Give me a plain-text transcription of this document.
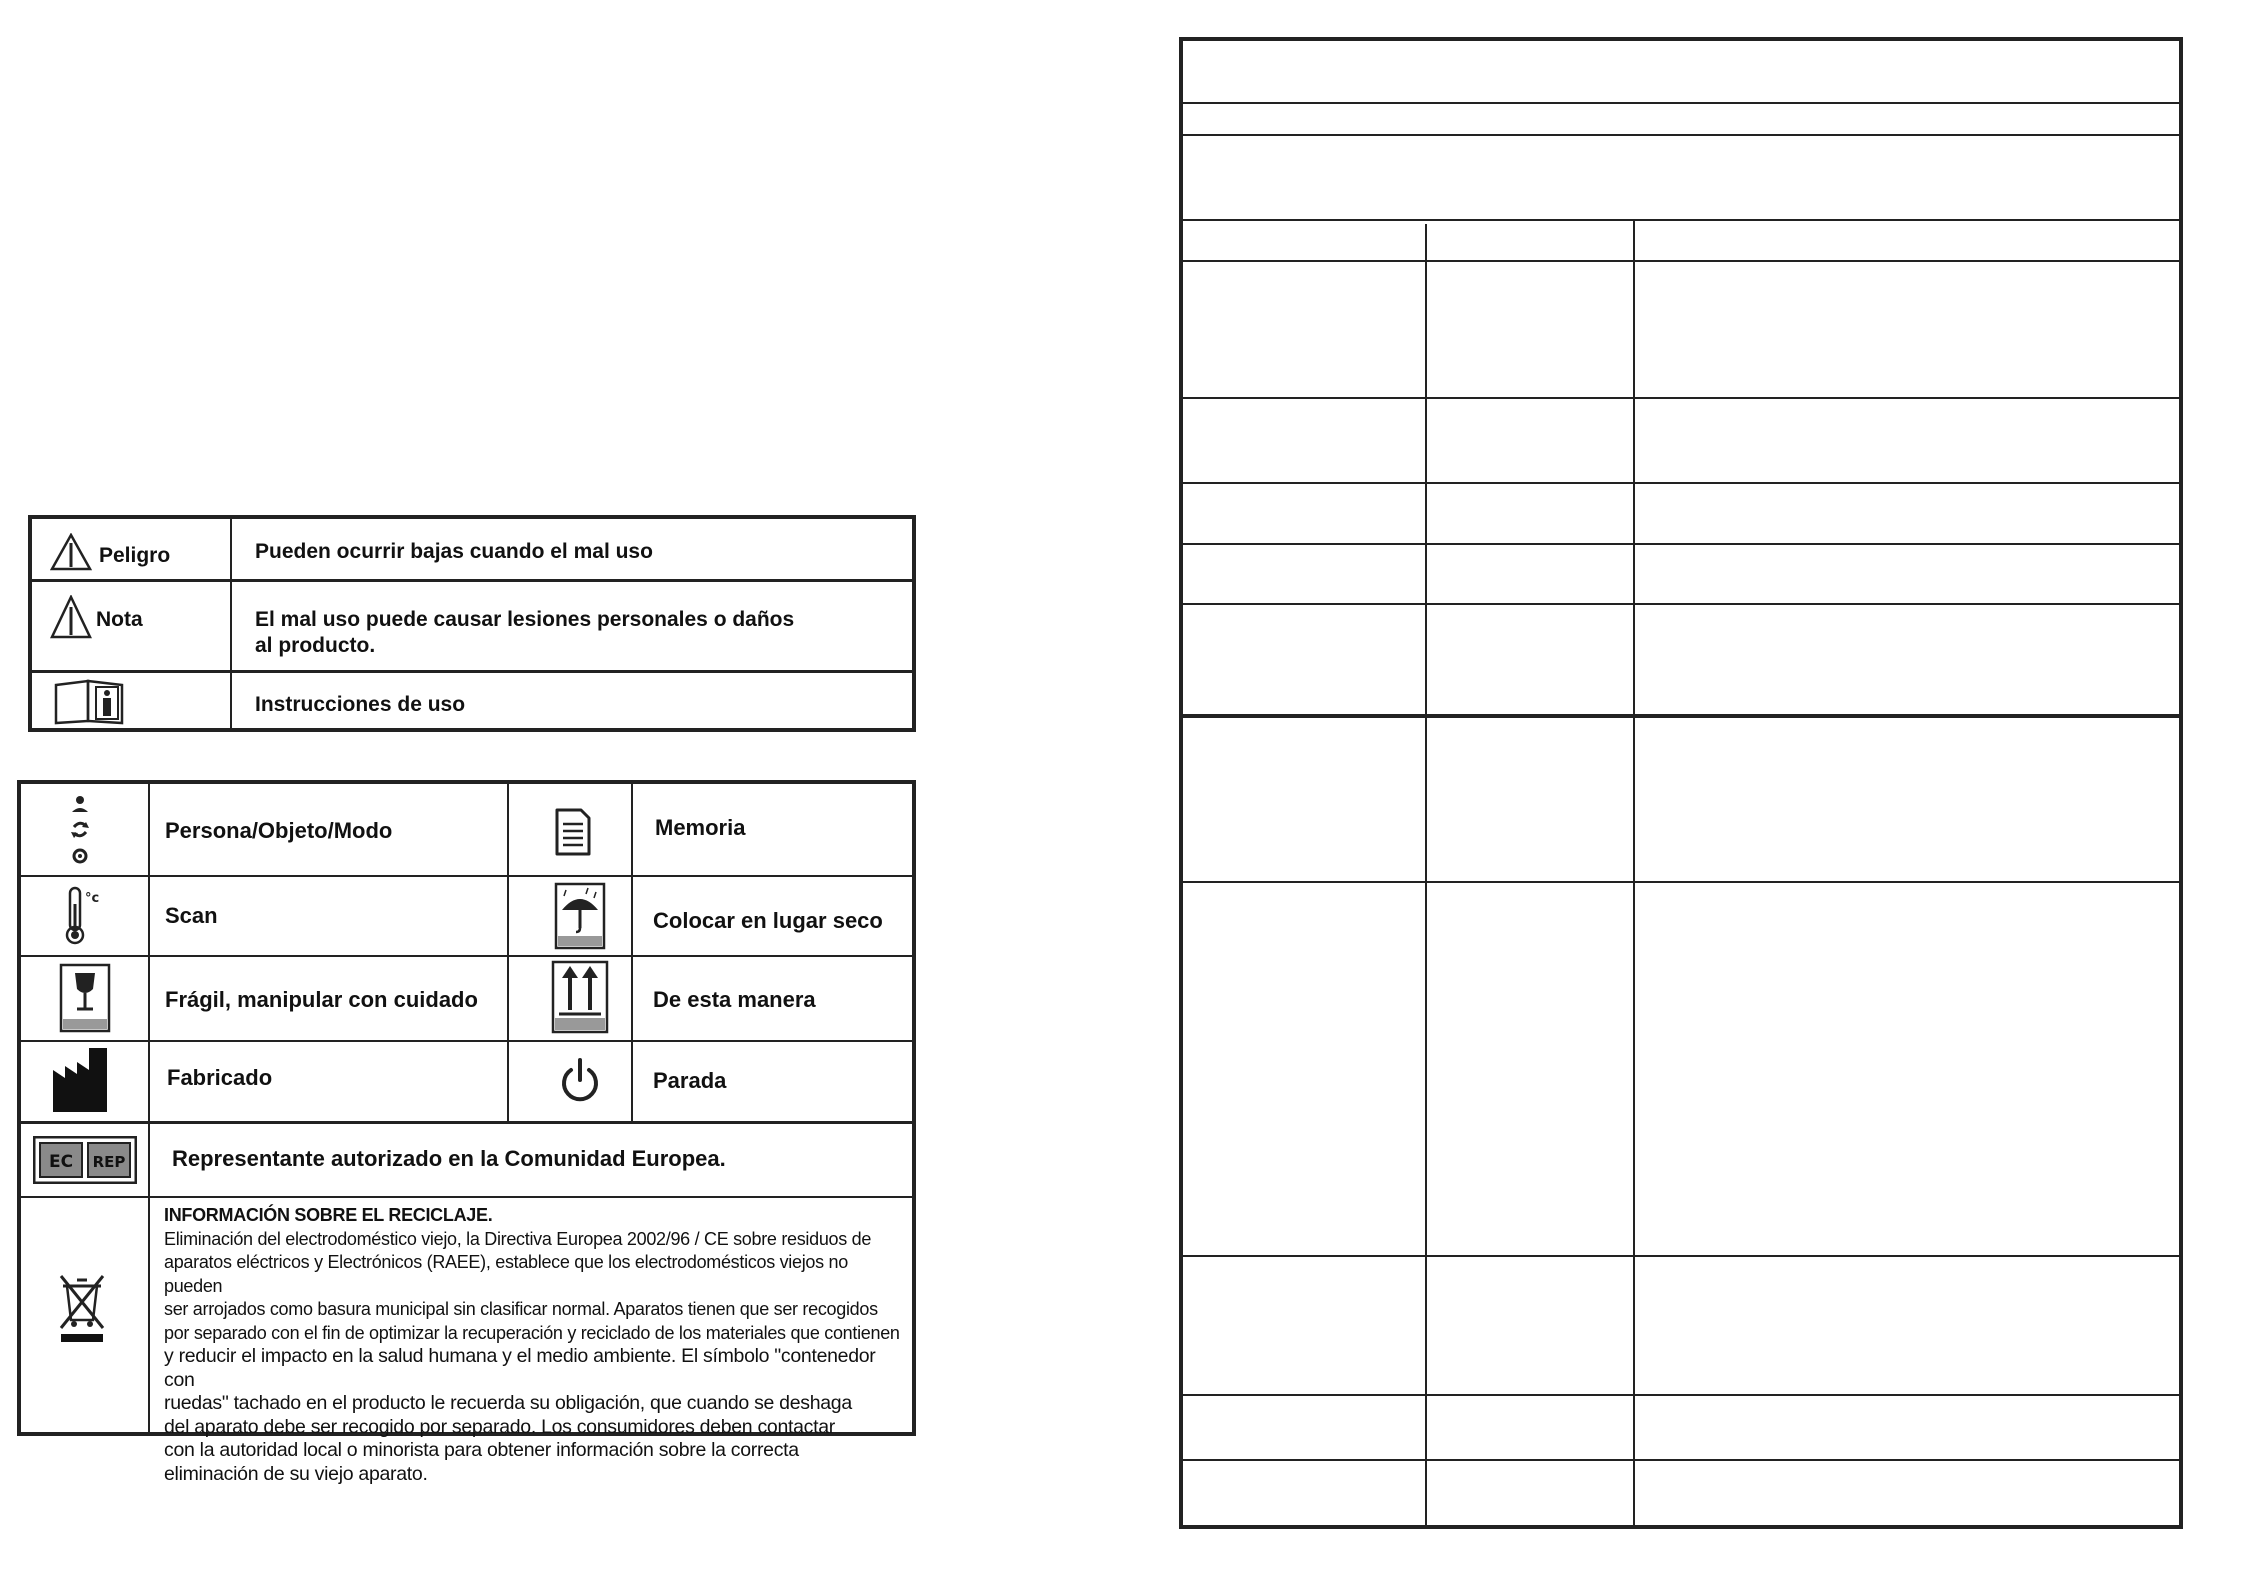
Peligro	Pueden ocurrir bajas cuando el mal uso
Nota	El mal uso puede causar lesiones personales o daños
al producto.
Instrucciones de uso
Persona/Objeto/Modo	Memoria
°c
Scan	Colocar en lugar seco
Frágil, manipular con cuidado	De esta manera
Fabricado	Parada
EC REP Representante autorizado en la Comunidad Europea.
INFORMACIÓN SOBRE EL RECICLAJE.
Eliminación del electrodoméstico viejo, la Directiva Europea 2002/96 / CE sobre residuos de
aparatos eléctricos y Electrónicos (RAEE), establece que los electrodomésticos viejos no pueden
ser arrojados como basura municipal sin clasificar normal. Aparatos tienen que ser recogidos
por separado con el fin de optimizar la recuperación y reciclado de los materiales que contienen
y reducir el impacto en la salud humana y el medio ambiente. El símbolo "contenedor con
ruedas" tachado en el producto le recuerda su obligación, que cuando se deshaga
del aparato debe ser recogido por separado. Los consumidores deben contactar
con la autoridad local o minorista para obtener información sobre la correcta
eliminación de su viejo aparato.
